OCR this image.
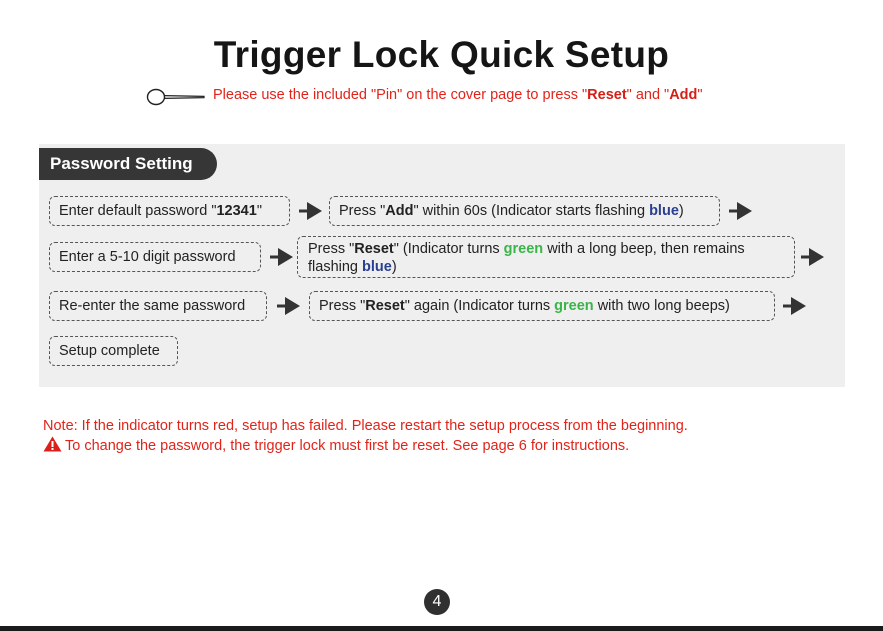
Trigger Lock Quick Setup
Please use the included "Pin" on the cover page to press "Reset" and "Add"
Password Setting
Enter default password "12341"	Press "Add" within 60s (Indicator starts flashing blue)
Enter a 5-10 digit password	Press "Reset" (Indicator turns green with a long beep, then remains flashing blue)
Re-enter the same password	Press "Reset" again (Indicator turns green with two long beeps)
Setup complete
Note: If the indicator turns red, setup has failed. Please restart the setup process from the beginning.
To change the password, the trigger lock must first be reset. See page 6 for instructions.
4
